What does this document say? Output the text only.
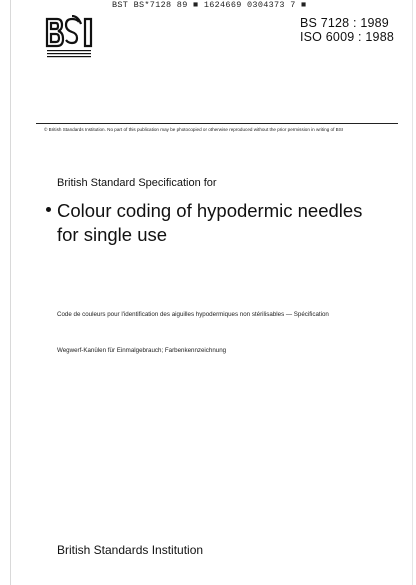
BST BS*7128 89 ■ 1624669 0304373 7 ■
BS 7128 : 1989
ISO 6009 : 1988
© British Standards Institution. No part of this publication may be photocopied or otherwise reproduced without the prior permission in writing of BSI
British Standard Specification for
Colour coding of hypodermic needles
for single use
Code de couleurs pour l'identification des aiguilles hypodermiques non stérilisables — Spécification
Wegwerf-Kanülen für Einmalgebrauch; Farbenkennzeichnung
British Standards Institution
